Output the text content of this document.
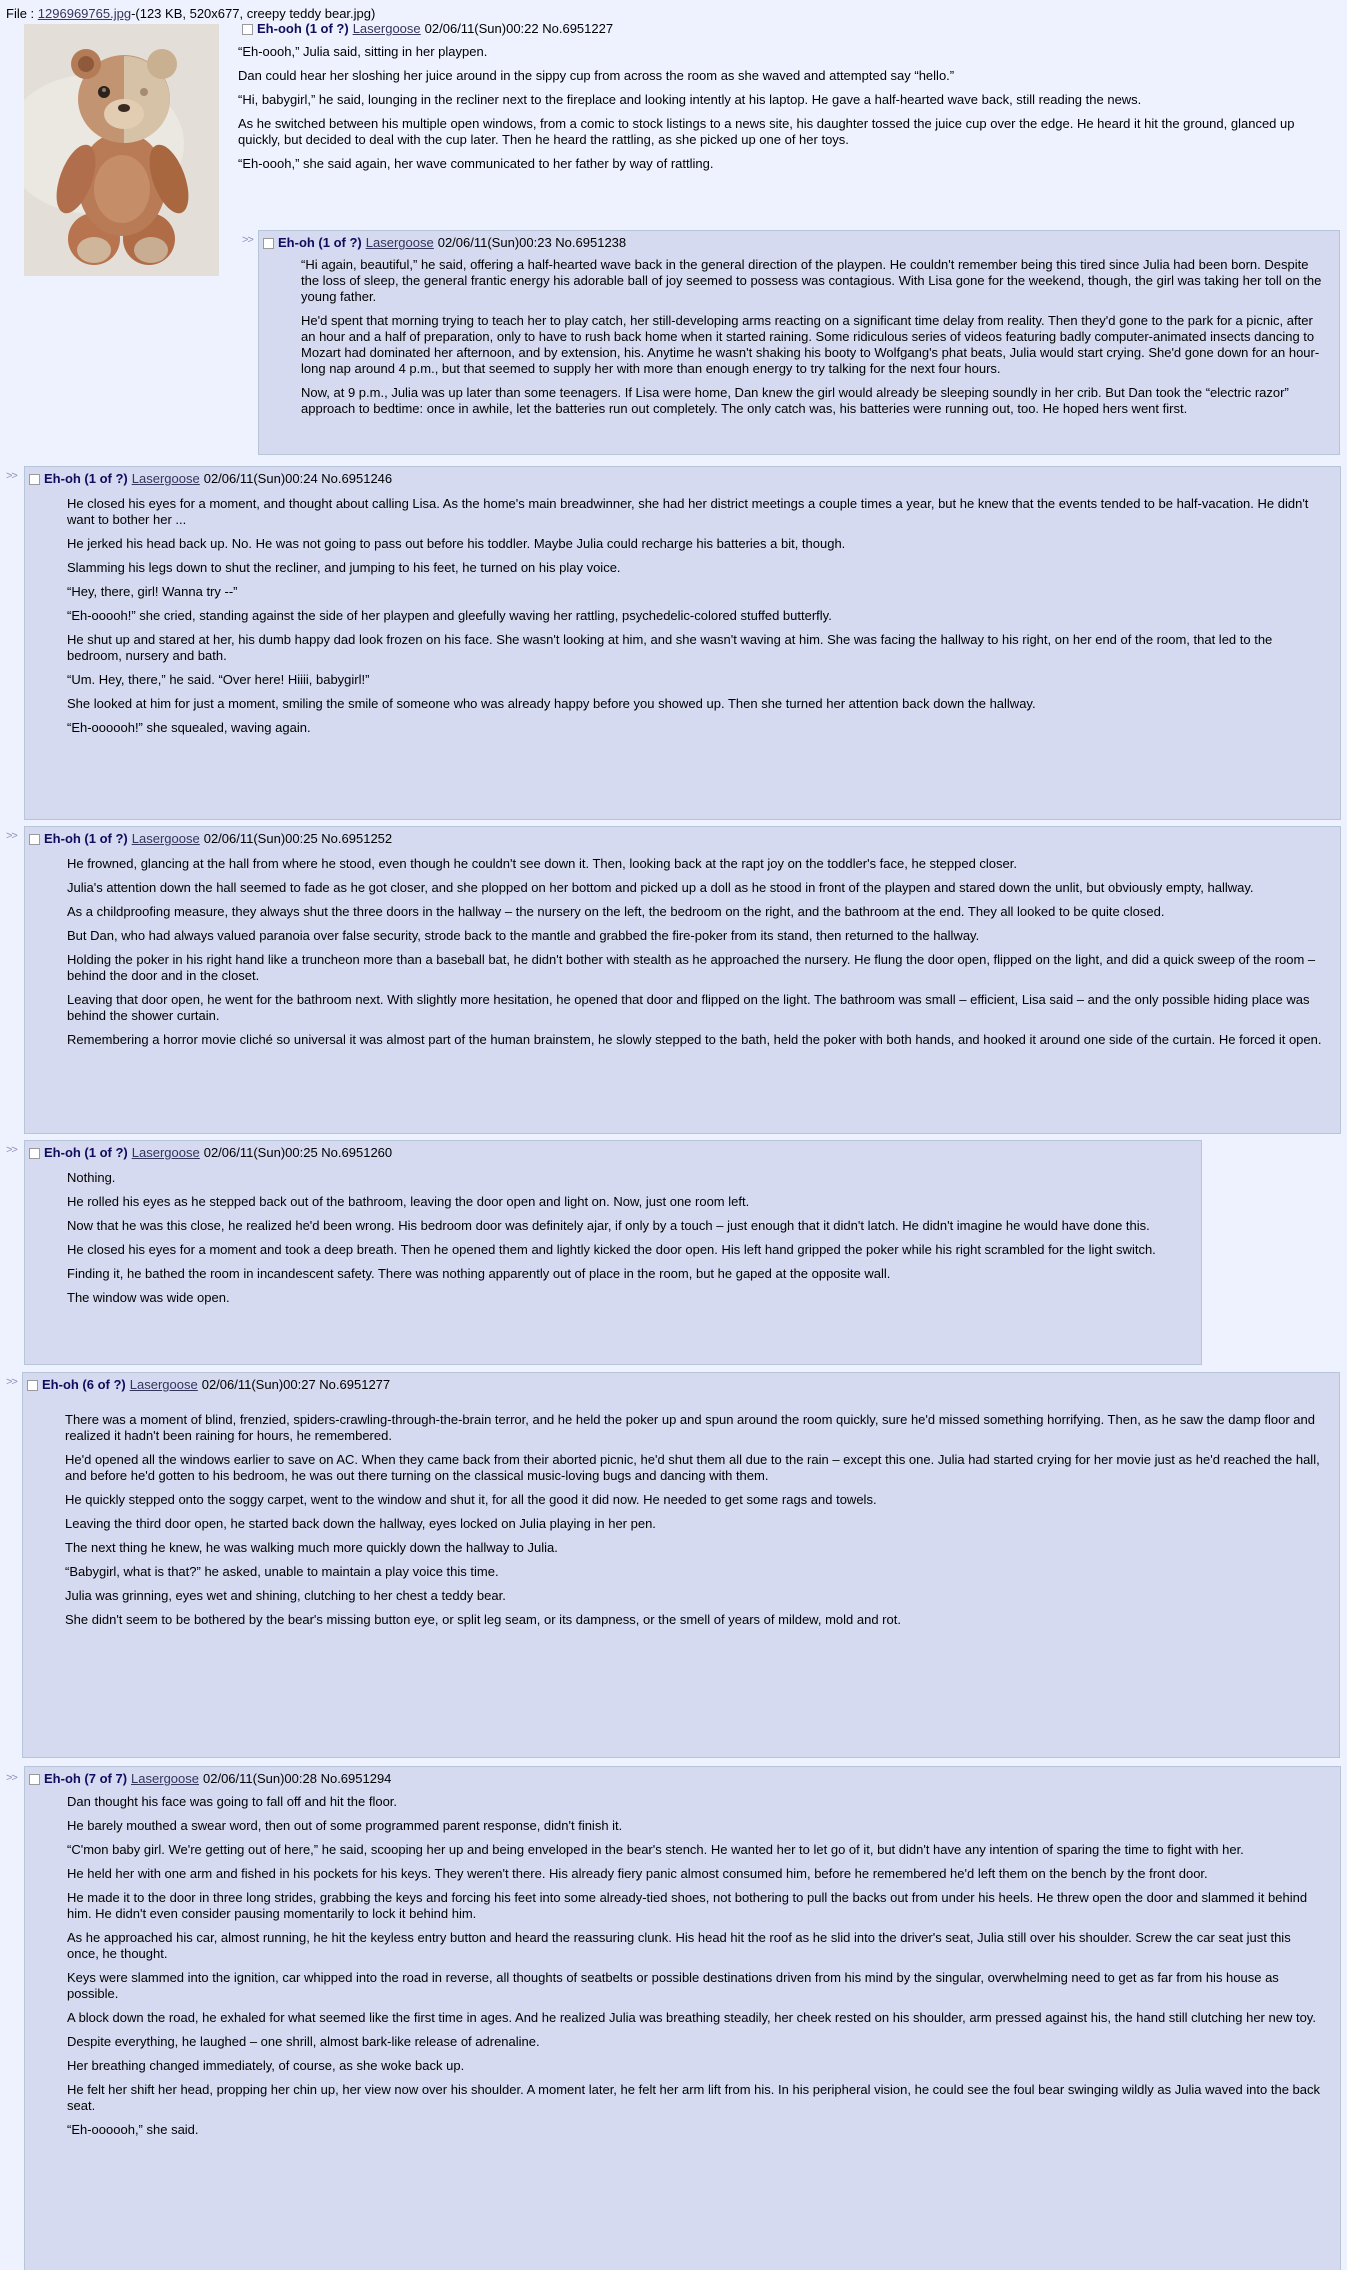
File : 1296969765.jpg-(123 KB, 520x677, creepy teddy bear.jpg)
Eh-ooh (1 of ?) Lasergoose 02/06/11(Sun)00:22 No.6951227

“Eh-oooh,” Julia said, sitting in her playpen.

Dan could hear her sloshing her juice around in the sippy cup from across the room as she waved and attempted say “hello.”

“Hi, babygirl,” he said, lounging in the recliner next to the fireplace and looking intently at his laptop. He gave a half-hearted wave back, still reading the news.

As he switched between his multiple open windows, from a comic to stock listings to a news site, his daughter tossed the juice cup over the edge. He heard it hit the ground, glanced up quickly, but decided to deal with the cup later. Then he heard the rattling, as she picked up one of her toys.

“Eh-oooh,” she said again, her wave communicated to her father by way of rattling.

>> Eh-oh (1 of ?) Lasergoose 02/06/11(Sun)00:23 No.6951238

“Hi again, beautiful,” he said, offering a half-hearted wave back in the general direction of the playpen. He couldn't remember being this tired since Julia had been born. Despite the loss of sleep, the general frantic energy his adorable ball of joy seemed to possess was contagious. With Lisa gone for the weekend, though, the girl was taking her toll on the young father.

He'd spent that morning trying to teach her to play catch, her still-developing arms reacting on a significant time delay from reality. Then they'd gone to the park for a picnic, after an hour and a half of preparation, only to have to rush back home when it started raining. Some ridiculous series of videos featuring badly computer-animated insects dancing to Mozart had dominated her afternoon, and by extension, his. Anytime he wasn't shaking his booty to Wolfgang's phat beats, Julia would start crying. She'd gone down for an hour-long nap around 4 p.m., but that seemed to supply her with more than enough energy to try talking for the next four hours.

Now, at 9 p.m., Julia was up later than some teenagers. If Lisa were home, Dan knew the girl would already be sleeping soundly in her crib. But Dan took the “electric razor” approach to bedtime: once in awhile, let the batteries run out completely. The only catch was, his batteries were running out, too. He hoped hers went first.

>> Eh-oh (1 of ?) Lasergoose 02/06/11(Sun)00:24 No.6951246

He closed his eyes for a moment, and thought about calling Lisa. As the home's main breadwinner, she had her district meetings a couple times a year, but he knew that the events tended to be half-vacation. He didn't want to bother her ...

He jerked his head back up. No. He was not going to pass out before his toddler. Maybe Julia could recharge his batteries a bit, though.

Slamming his legs down to shut the recliner, and jumping to his feet, he turned on his play voice.

“Hey, there, girl! Wanna try --”

“Eh-ooooh!” she cried, standing against the side of her playpen and gleefully waving her rattling, psychedelic-colored stuffed butterfly.

He shut up and stared at her, his dumb happy dad look frozen on his face. She wasn't looking at him, and she wasn't waving at him. She was facing the hallway to his right, on her end of the room, that led to the bedroom, nursery and bath.

“Um. Hey, there,” he said. “Over here! Hiiii, babygirl!”

She looked at him for just a moment, smiling the smile of someone who was already happy before you showed up. Then she turned her attention back down the hallway.

“Eh-oooooh!” she squealed, waving again.

>> Eh-oh (1 of ?) Lasergoose 02/06/11(Sun)00:25 No.6951252

He frowned, glancing at the hall from where he stood, even though he couldn't see down it. Then, looking back at the rapt joy on the toddler's face, he stepped closer.

Julia's attention down the hall seemed to fade as he got closer, and she plopped on her bottom and picked up a doll as he stood in front of the playpen and stared down the unlit, but obviously empty, hallway.

As a childproofing measure, they always shut the three doors in the hallway – the nursery on the left, the bedroom on the right, and the bathroom at the end. They all looked to be quite closed.

But Dan, who had always valued paranoia over false security, strode back to the mantle and grabbed the fire-poker from its stand, then returned to the hallway.

Holding the poker in his right hand like a truncheon more than a baseball bat, he didn't bother with stealth as he approached the nursery. He flung the door open, flipped on the light, and did a quick sweep of the room – behind the door and in the closet.

Leaving that door open, he went for the bathroom next. With slightly more hesitation, he opened that door and flipped on the light. The bathroom was small – efficient, Lisa said – and the only possible hiding place was behind the shower curtain.

Remembering a horror movie cliché so universal it was almost part of the human brainstem, he slowly stepped to the bath, held the poker with both hands, and hooked it around one side of the curtain. He forced it open.

>> Eh-oh (1 of ?) Lasergoose 02/06/11(Sun)00:25 No.6951260

Nothing.

He rolled his eyes as he stepped back out of the bathroom, leaving the door open and light on. Now, just one room left.

Now that he was this close, he realized he'd been wrong. His bedroom door was definitely ajar, if only by a touch – just enough that it didn't latch. He didn't imagine he would have done this.

He closed his eyes for a moment and took a deep breath. Then he opened them and lightly kicked the door open. His left hand gripped the poker while his right scrambled for the light switch.

Finding it, he bathed the room in incandescent safety. There was nothing apparently out of place in the room, but he gaped at the opposite wall.

The window was wide open.

>> Eh-oh (6 of ?) Lasergoose 02/06/11(Sun)00:27 No.6951277

There was a moment of blind, frenzied, spiders-crawling-through-the-brain terror, and he held the poker up and spun around the room quickly, sure he'd missed something horrifying. Then, as he saw the damp floor and realized it hadn't been raining for hours, he remembered.

He'd opened all the windows earlier to save on AC. When they came back from their aborted picnic, he'd shut them all due to the rain – except this one. Julia had started crying for her movie just as he'd reached the hall, and before he'd gotten to his bedroom, he was out there turning on the classical music-loving bugs and dancing with them.

He quickly stepped onto the soggy carpet, went to the window and shut it, for all the good it did now. He needed to get some rags and towels.

Leaving the third door open, he started back down the hallway, eyes locked on Julia playing in her pen.

The next thing he knew, he was walking much more quickly down the hallway to Julia.

“Babygirl, what is that?” he asked, unable to maintain a play voice this time.

Julia was grinning, eyes wet and shining, clutching to her chest a teddy bear.

She didn't seem to be bothered by the bear's missing button eye, or split leg seam, or its dampness, or the smell of years of mildew, mold and rot.

>> Eh-oh (7 of 7) Lasergoose 02/06/11(Sun)00:28 No.6951294

Dan thought his face was going to fall off and hit the floor.

He barely mouthed a swear word, then out of some programmed parent response, didn't finish it.

“C'mon baby girl. We're getting out of here,” he said, scooping her up and being enveloped in the bear's stench. He wanted her to let go of it, but didn't have any intention of sparing the time to fight with her.

He held her with one arm and fished in his pockets for his keys. They weren't there. His already fiery panic almost consumed him, before he remembered he'd left them on the bench by the front door.

He made it to the door in three long strides, grabbing the keys and forcing his feet into some already-tied shoes, not bothering to pull the backs out from under his heels. He threw open the door and slammed it behind him. He didn't even consider pausing momentarily to lock it behind him.

As he approached his car, almost running, he hit the keyless entry button and heard the reassuring clunk. His head hit the roof as he slid into the driver's seat, Julia still over his shoulder. Screw the car seat just this once, he thought.

Keys were slammed into the ignition, car whipped into the road in reverse, all thoughts of seatbelts or possible destinations driven from his mind by the singular, overwhelming need to get as far from his house as possible.

A block down the road, he exhaled for what seemed like the first time in ages. And he realized Julia was breathing steadily, her cheek rested on his shoulder, arm pressed against his, the hand still clutching her new toy.

Despite everything, he laughed – one shrill, almost bark-like release of adrenaline.

Her breathing changed immediately, of course, as she woke back up.

He felt her shift her head, propping her chin up, her view now over his shoulder. A moment later, he felt her arm lift from his. In his peripheral vision, he could see the foul bear swinging wildly as Julia waved into the back seat.

“Eh-oooooh,” she said.
